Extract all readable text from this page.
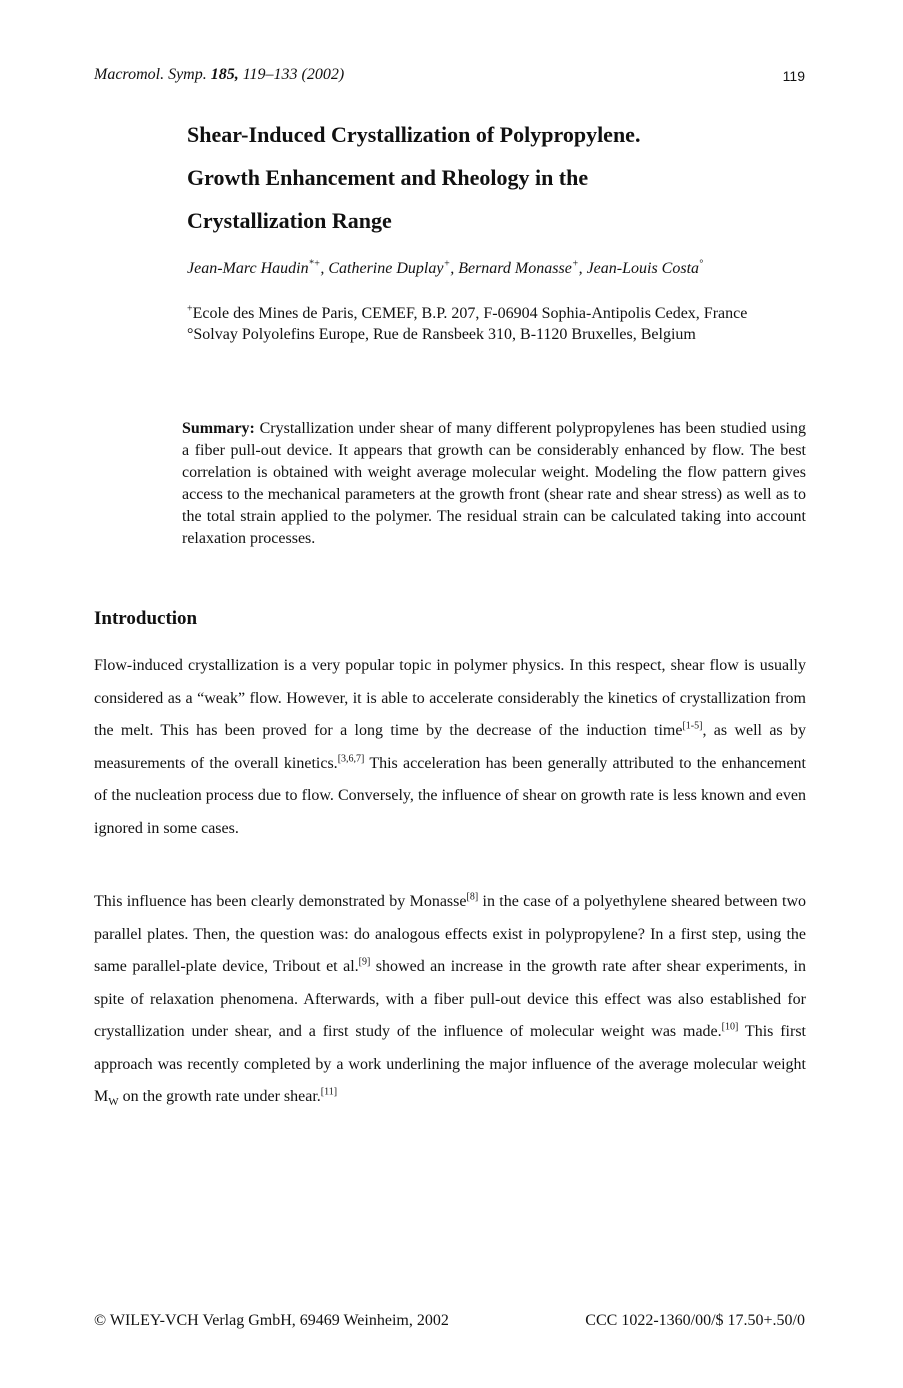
Macromol. Symp. 185, 119–133 (2002)	119
Shear-Induced Crystallization of Polypropylene.
Growth Enhancement and Rheology in the
Crystallization Range
Jean-Marc Haudin*+, Catherine Duplay+, Bernard Monasse+, Jean-Louis Costa°
+Ecole des Mines de Paris, CEMEF, B.P. 207, F-06904 Sophia-Antipolis Cedex, France
°Solvay Polyolefins Europe, Rue de Ransbeek 310, B-1120 Bruxelles, Belgium
Summary: Crystallization under shear of many different polypropylenes has been studied using a fiber pull-out device. It appears that growth can be considerably enhanced by flow. The best correlation is obtained with weight average molecular weight. Modeling the flow pattern gives access to the mechanical parameters at the growth front (shear rate and shear stress) as well as to the total strain applied to the polymer. The residual strain can be calculated taking into account relaxation processes.
Introduction

Flow-induced crystallization is a very popular topic in polymer physics. In this respect, shear flow is usually considered as a “weak” flow. However, it is able to accelerate considerably the kinetics of crystallization from the melt. This has been proved for a long time by the decrease of the induction time[1-5], as well as by measurements of the overall kinetics.[3,6,7] This acceleration has been generally attributed to the enhancement of the nucleation process due to flow. Conversely, the influence of shear on growth rate is less known and even ignored in some cases.

This influence has been clearly demonstrated by Monasse[8] in the case of a polyethylene sheared between two parallel plates. Then, the question was: do analogous effects exist in polypropylene? In a first step, using the same parallel-plate device, Tribout et al.[9] showed an increase in the growth rate after shear experiments, in spite of relaxation phenomena. Afterwards, with a fiber pull-out device this effect was also established for crystallization under shear, and a first study of the influence of molecular weight was made.[10] This first approach was recently completed by a work underlining the major influence of the average molecular weight $M_W$ on the growth rate under shear.[11]

© WILEY-VCH Verlag GmbH, 69469 Weinheim, 2002	CCC 1022-1360/00/$ 17.50+.50/0
